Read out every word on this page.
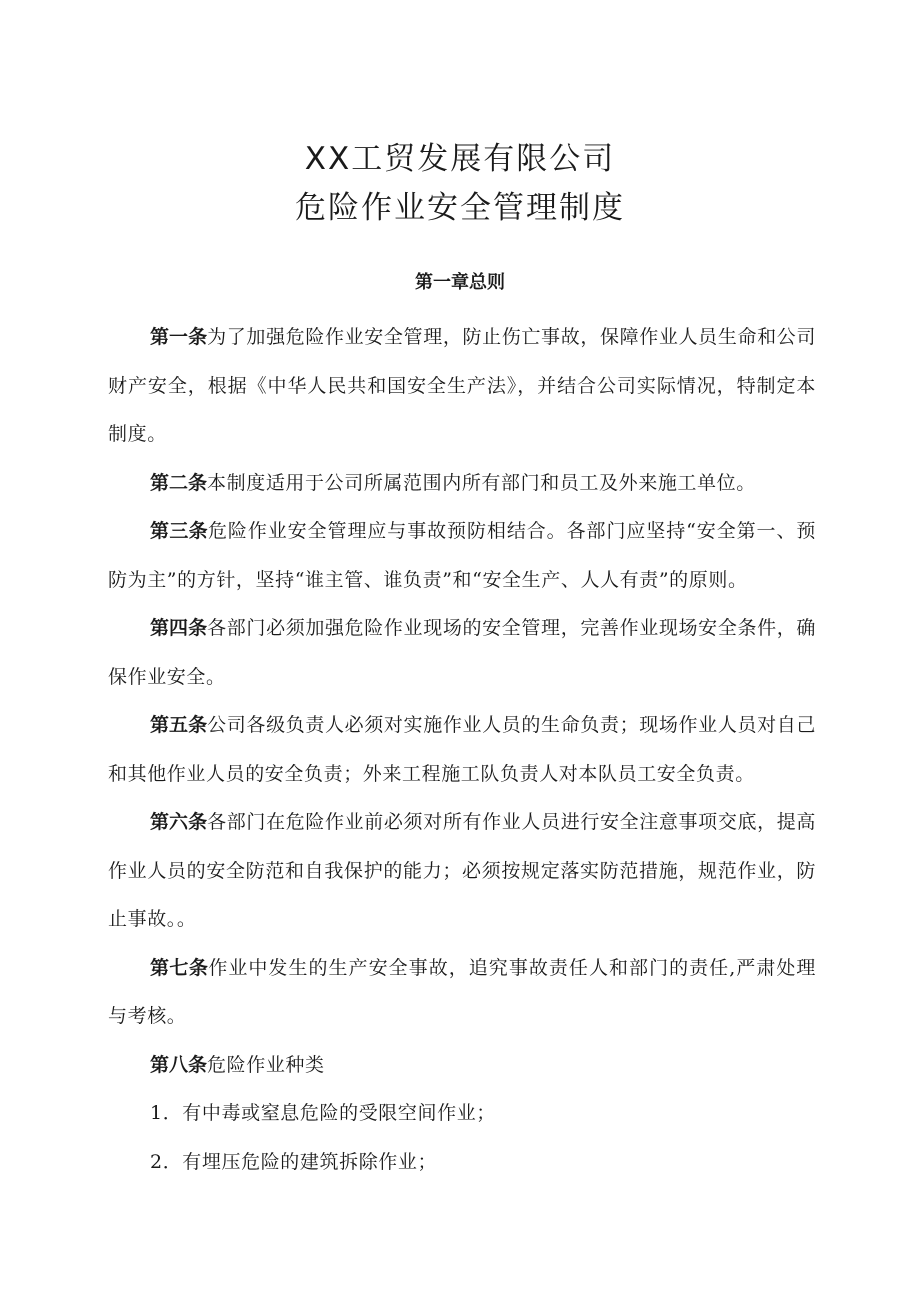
XX工贸发展有限公司
危险作业安全管理制度
第一章总则

第一条为了加强危险作业安全管理，防止伤亡事故，保障作业人员生命和公司财产安全，根据《中华人民共和国安全生产法》，并结合公司实际情况，特制定本制度。

第二条本制度适用于公司所属范围内所有部门和员工及外来施工单位。

第三条危险作业安全管理应与事故预防相结合。各部门应坚持“安全第一、预防为主”的方针，坚持“谁主管、谁负责”和“安全生产、人人有责”的原则。

第四条各部门必须加强危险作业现场的安全管理，完善作业现场安全条件，确保作业安全。

第五条公司各级负责人必须对实施作业人员的生命负责；现场作业人员对自己和其他作业人员的安全负责；外来工程施工队负责人对本队员工安全负责。

第六条各部门在危险作业前必须对所有作业人员进行安全注意事项交底，提高作业人员的安全防范和自我保护的能力；必须按规定落实防范措施，规范作业，防止事故。。

第七条作业中发生的生产安全事故，追究事故责任人和部门的责任,严肃处理与考核。

第八条危险作业种类

1．有中毒或窒息危险的受限空间作业；

2．有埋压危险的建筑拆除作业；
